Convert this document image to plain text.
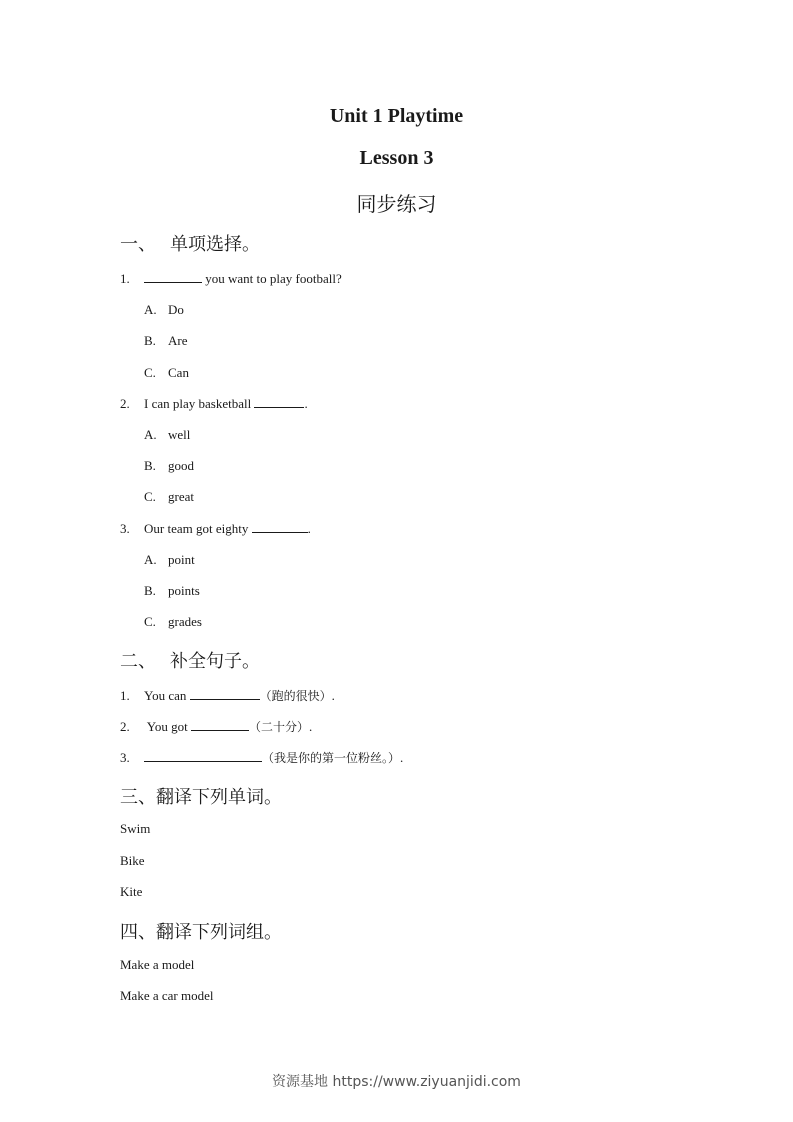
Unit 1 Playtime
Lesson 3
同步练习
一、 单项选择。
1.	you want to play football?
A. Do
B. Are
C. Can
2. I can play basketball	.
A. well
B. good
C. great
3. Our team got eighty	.
A. point
B. points
C. grades
二、 补全句子。
1. You can	（跑的很快）.
2. You got	（二十分）.
3.	（我是你的第一位粉丝。）.
三、翻译下列单词。
Swim
Bike
Kite
四、翻译下列词组。
Make a model
Make a car model
资源基地 https://www.ziyuanjidi.com
